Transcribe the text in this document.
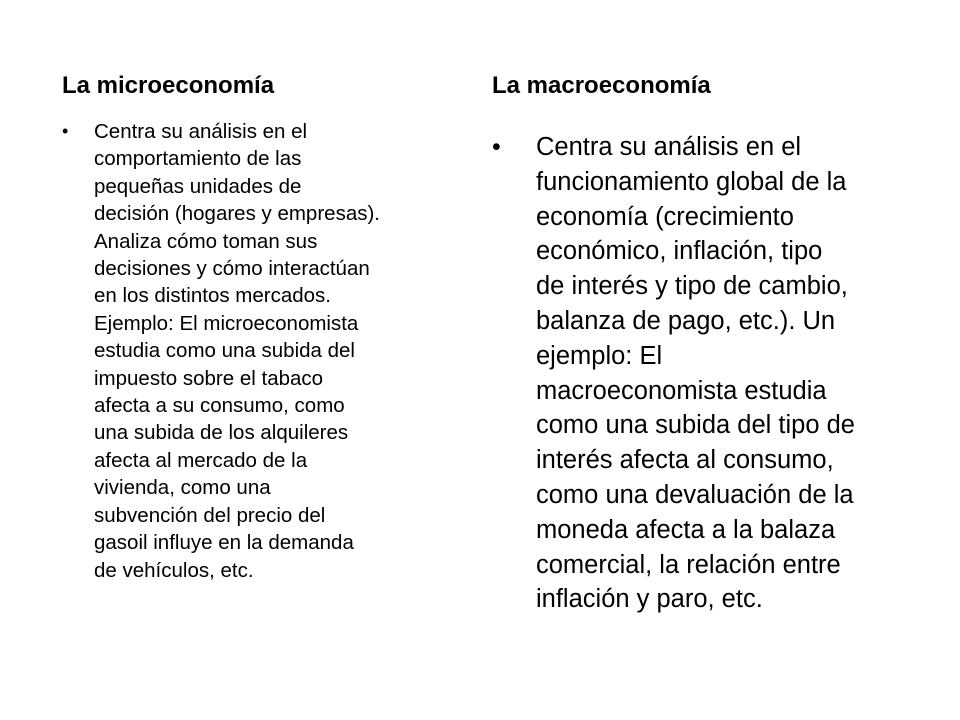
La microeconomía	La macroeconomía
•	Centra su análisis en el
comportamiento de las
pequeñas unidades de
decisión (hogares y empresas).
Analiza cómo toman sus
decisiones y cómo interactúan
en los distintos mercados.
Ejemplo: El microeconomista
estudia como una subida del
impuesto sobre el tabaco
afecta a su consumo, como
una subida de los alquileres
afecta al mercado de la
vivienda, como una
subvención del precio del
gasoil influye en la demanda
de vehículos, etc.
•	Centra su análisis en el
funcionamiento global de la
economía (crecimiento
económico, inflación, tipo
de interés y tipo de cambio,
balanza de pago, etc.). Un
ejemplo: El
macroeconomista estudia
como una subida del tipo de
interés afecta al consumo,
como una devaluación de la
moneda afecta a la balaza
comercial, la relación entre
inflación y paro, etc.
